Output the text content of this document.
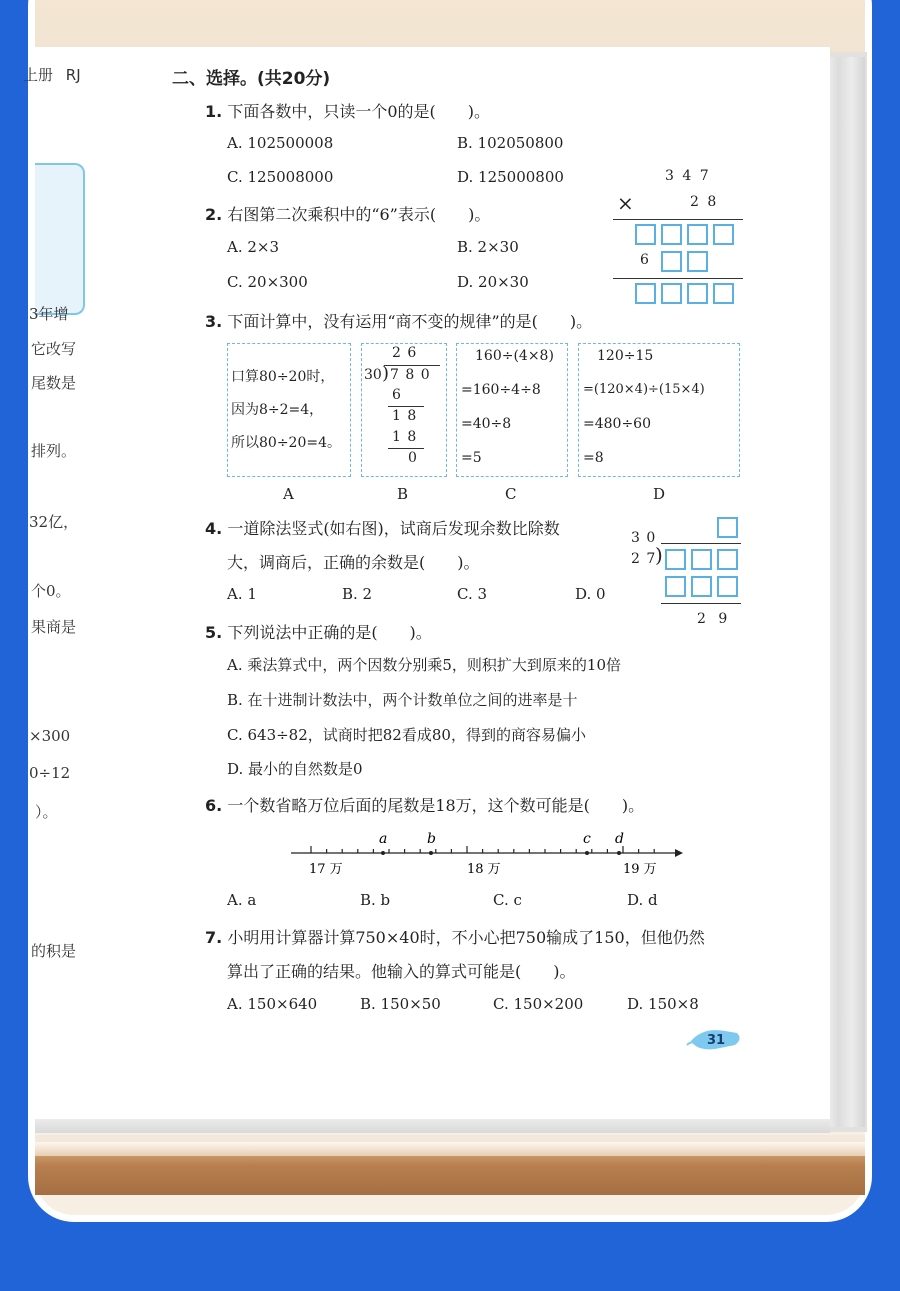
上册 RJ
3年增
它改写
尾数是
排列。
32亿，
个0。
果商是
×300
0÷12
）。
的积是
二、选择。(共20分)
1. 下面各数中，只读一个0的是(　　)。
A. 102500008	B. 102050800
C. 125008000	D. 125000800
2. 右图第二次乘积中的“6”表示(　　)。
A. 2×3	B. 2×30
C. 20×300	D. 20×30
3 4 7
×	2 8
6
3. 下面计算中，没有运用“商不变的规律”的是(　　)。
口算80÷20时，
因为8÷2=4，
所以80÷20=4。
2 6
30 ) 7 8 0
6
1 8
1 8
0
160÷(4×8)
=160÷4÷8
=40÷8
=5
120÷15
=(120×4)÷(15×4)
=480÷60
=8
A	B	C	D
4. 一道除法竖式(如右图)，试商后发现余数比除数
大，调商后，正确的余数是(　　)。
A. 1	B. 2	C. 3	D. 0
3 0
2 7
)
2 9
5. 下列说法中正确的是(　　)。
A. 乘法算式中，两个因数分别乘5，则积扩大到原来的10倍
B. 在十进制计数法中，两个计数单位之间的进率是十
C. 643÷82，试商时把82看成80，得到的商容易偏小
D. 最小的自然数是0
6. 一个数省略万位后面的尾数是18万，这个数可能是(　　)。
a	b	c d
17 万	18 万	19 万
A. a	B. b	C. c	D. d
7. 小明用计算器计算750×40时，不小心把750输成了150，但他仍然
算出了正确的结果。他输入的算式可能是(　　)。
A. 150×640	B. 150×50	C. 150×200	D. 150×8
31
